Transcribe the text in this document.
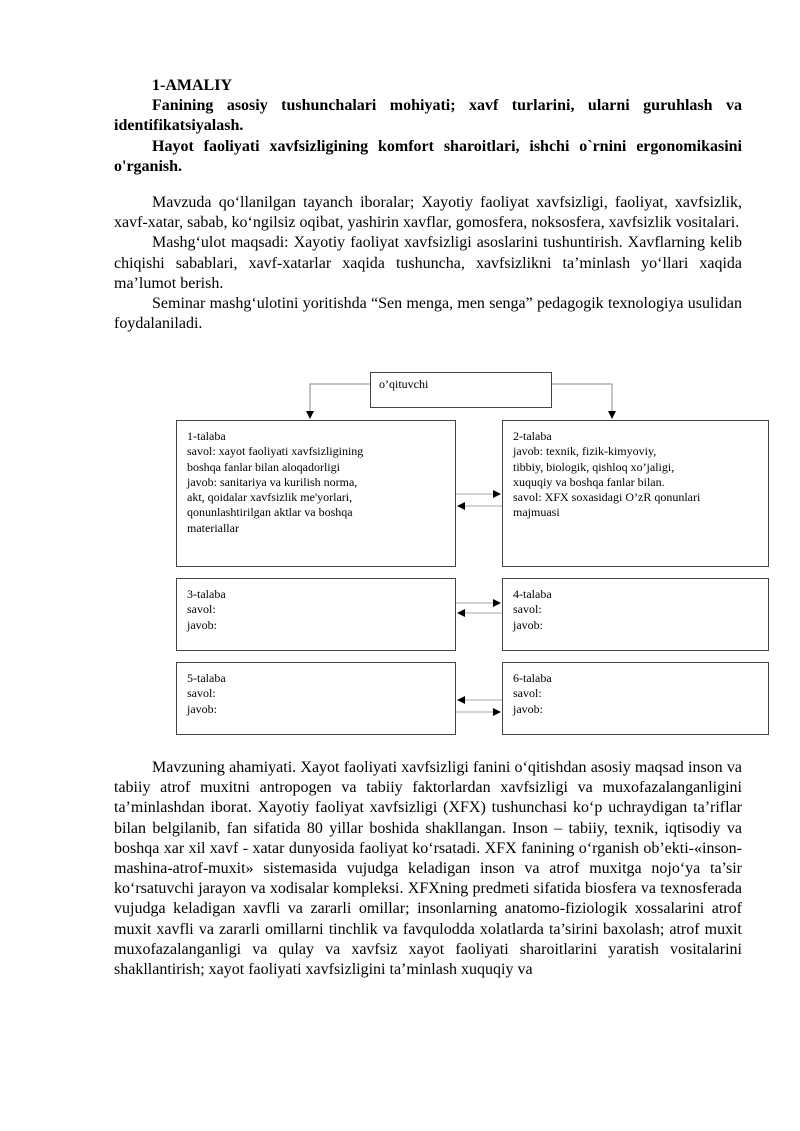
1-AMALIY

Fanining asosiy tushunchalari mohiyati; xavf turlarini, ularni guruhlash va identifikatsiyalash.

Hayot faoliyati xavfsizligining komfort sharoitlari, ishchi o`rnini ergonomikasini o'rganish.

Mavzuda qo‘llanilgan tayanch iboralar; Xayotiy faoliyat xavfsizligi, faoliyat, xavfsizlik, xavf-xatar, sabab, ko‘ngilsiz oqibat, yashirin xavflar, gomosfera, noksosfera, xavfsizlik vositalari.

Mashg‘ulot maqsadi: Xayotiy faoliyat xavfsizligi asoslarini tushuntirish. Xavflarning kelib chiqishi sabablari, xavf-xatarlar xaqida tushuncha, xavfsizlikni ta’minlash yo‘llari xaqida ma’lumot berish.

Seminar mashg‘ulotini yoritishda “Sen menga, men senga” pedagogik texnologiya usulidan foydalaniladi.

o’qituvchi
1-talaba
savol: xayot faoliyati xavfsizligining
boshqa fanlar bilan aloqadorligi
javob: sanitariya va kurilish norma,
akt, qoidalar xavfsizlik me'yorlari,
qonunlashtirilgan aktlar va boshqa
materiallar
2-talaba
javob: texnik, fizik-kimyoviy,
tibbiy, biologik, qishloq xo’jaligi,
xuquqiy va boshqa fanlar bilan.
savol: XFX soxasidagi O’zR qonunlari
majmuasi
3-talaba
savol:
javob:
4-talaba
savol:
javob:
5-talaba
savol:
javob:
6-talaba
savol:
javob:

Mavzuning ahamiyati. Xayot faoliyati xavfsizligi fanini o‘qitishdan asosiy maqsad inson va tabiiy atrof muxitni antropogen va tabiiy faktorlardan xavfsizligi va muxofazalanganligini ta’minlashdan iborat. Xayotiy faoliyat xavfsizligi (XFX) tushunchasi ko‘p uchraydigan ta’riflar bilan belgilanib, fan sifatida 80 yillar boshida shakllangan. Inson – tabiiy, texnik, iqtisodiy va boshqa xar xil xavf - xatar dunyosida faoliyat ko‘rsatadi. XFX fanining o‘rganish ob’ekti-«inson-mashina-atrof-muxit» sistemasida vujudga keladigan inson va atrof muxitga nojo‘ya ta’sir ko‘rsatuvchi jarayon va xodisalar kompleksi. XFXning predmeti sifatida biosfera va texnosferada vujudga keladigan xavfli va zararli omillar; insonlarning anatomo-fiziologik xossalarini atrof muxit xavfli va zararli omillarni tinchlik va favqulodda xolatlarda ta’sirini baxolash; atrof muxit muxofazalanganligi va qulay va xavfsiz xayot faoliyati sharoitlarini yaratish vositalarini shakllantirish; xayot faoliyati xavfsizligini ta’minlash xuquqiy va
